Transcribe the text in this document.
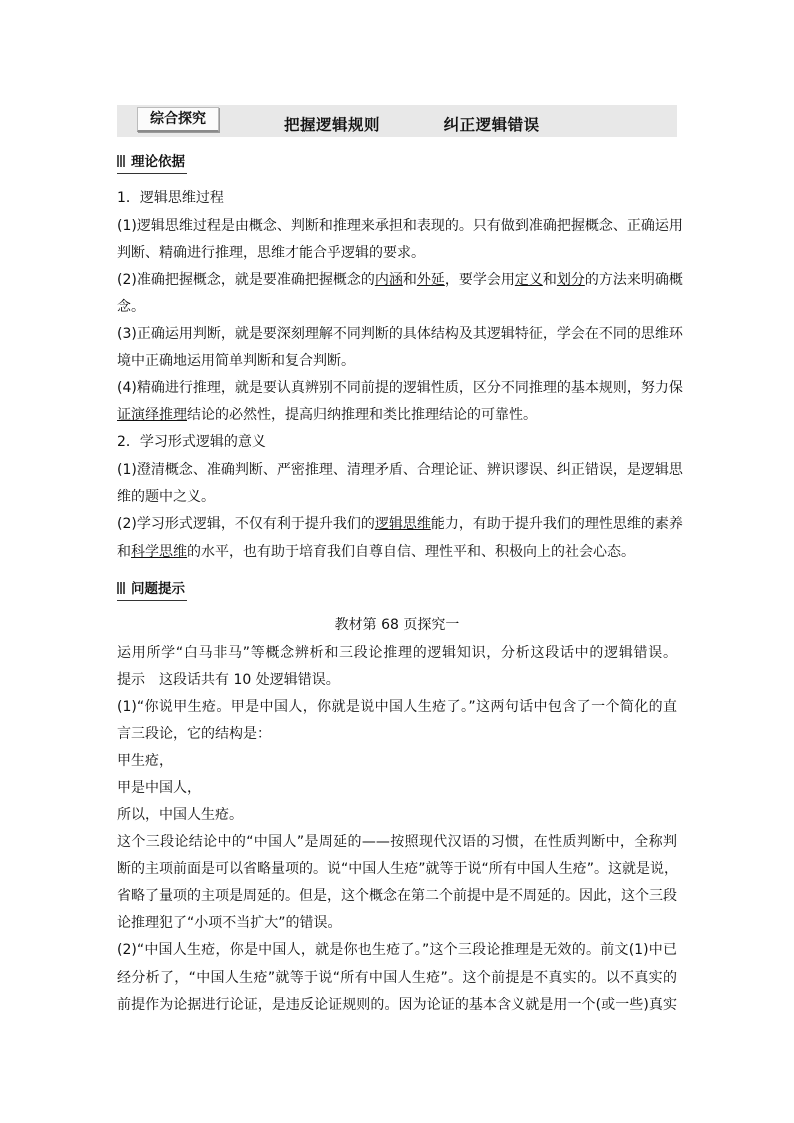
综合探究	把握逻辑规则    纠正逻辑错误
理论依据
1．逻辑思维过程
(1)逻辑思维过程是由概念、判断和推理来承担和表现的。只有做到准确把握概念、正确运用
判断、精确进行推理，思维才能合乎逻辑的要求。
(2)准确把握概念，就是要准确把握概念的内涵和外延，要学会用定义和划分的方法来明确概
念。
(3)正确运用判断，就是要深刻理解不同判断的具体结构及其逻辑特征，学会在不同的思维环
境中正确地运用简单判断和复合判断。
(4)精确进行推理，就是要认真辨别不同前提的逻辑性质，区分不同推理的基本规则，努力保
证演绎推理结论的必然性，提高归纳推理和类比推理结论的可靠性。
2．学习形式逻辑的意义
(1)澄清概念、准确判断、严密推理、清理矛盾、合理论证、辨识谬误、纠正错误，是逻辑思
维的题中之义。
(2)学习形式逻辑，不仅有利于提升我们的逻辑思维能力，有助于提升我们的理性思维的素养
和科学思维的水平，也有助于培育我们自尊自信、理性平和、积极向上的社会心态。
问题提示
教材第 68 页探究一
运用所学“白马非马”等概念辨析和三段论推理的逻辑知识，分析这段话中的逻辑错误。
提示　这段话共有 10 处逻辑错误。
(1)“你说甲生疮。甲是中国人，你就是说中国人生疮了。”这两句话中包含了一个简化的直
言三段论，它的结构是：
甲生疮，
甲是中国人，
所以，中国人生疮。
这个三段论结论中的“中国人”是周延的——按照现代汉语的习惯，在性质判断中，全称判
断的主项前面是可以省略量项的。说“中国人生疮”就等于说“所有中国人生疮”。这就是说，
省略了量项的主项是周延的。但是，这个概念在第二个前提中是不周延的。因此，这个三段
论推理犯了“小项不当扩大”的错误。
(2)“中国人生疮，你是中国人，就是你也生疮了。”这个三段论推理是无效的。前文(1)中已
经分析了，“中国人生疮”就等于说“所有中国人生疮”。这个前提是不真实的。以不真实的
前提作为论据进行论证，是违反论证规则的。因为论证的基本含义就是用一个(或一些)真实
